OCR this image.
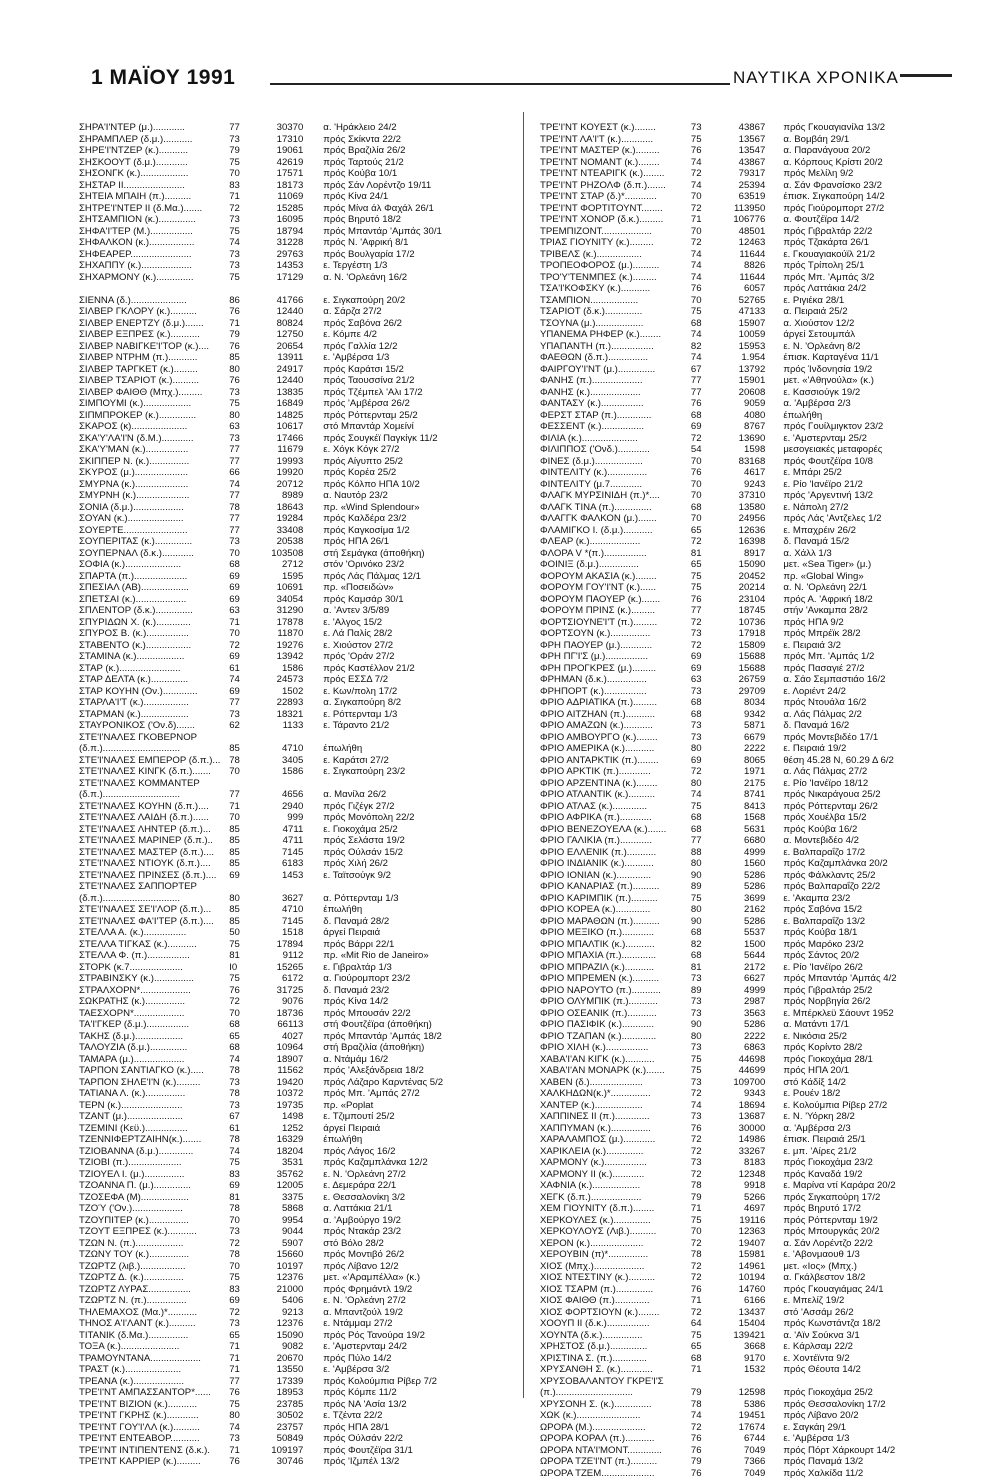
1 ΜΑΪΟΥ 1991	ΝΑΥΤΙΚΑ ΧΡΟΝΙΚΑ
ΣΗΡΑ'Ι'ΝΤΕΡ (μ.)............	77	30370	α. 'Ηράκλειο 24/2
ΣΗΡΑΜΠΛΕΡ (δ.μ.)...........	73	17310	πρός Σκίκντα 22/2
ΣΗΡΕ'Ι'ΝΤΖΕΡ (κ.)...........	79	19061	πρός Βραζιλία 26/2
ΣΗΣΚΟΟΥΤ (δ.μ.)............	75	42619	πρός Ταρτούς 21/2
ΣΗΣΟΝΓΚ (κ.)..................	70	17571	πρός Κούβα 10/1
ΣΗΣΤΑΡ ΙΙ.......................	83	18173	πρός Σάν Λορέντζο 19/11
ΣΗΤΕΙΑ ΜΠΑΙΗ (π.)..........	71	11069	πρός Κίνα 24/1
ΣΗΤΡΕ'Ι'ΝΤΕΡ ΙΙ (δ.Μα.).......	72	15285	πρός Μίνα άλ Φαχάλ 26/1
ΣΗΤΣΑΜΠΙΟΝ (κ.)..............	73	16095	πρός Βηρυτό 18/2
ΣΗΦΑ'Ι'ΤΕΡ (Μ.)................	75	18794	πρός Μπαντάρ 'Αμπάς 30/1
ΣΗΦΑΛΚΟΝ (κ.).................	74	31228	πρός Ν. 'Αφρική 8/1
ΣΗΦΕΑΡΕΡ.......................	73	29763	πρός Βουλγαρία 17/2
ΣΗΧΑΠΠΥ (κ.)...................	73	14353	ε. Τεργέστη 1/3
ΣΗΧΑΡΜΟΝΥ (κ.)..............	75	17129	α. Ν. 'Ορλεάνη 16/2
ΣΙΕΝΝΑ (δ.).....................	86	41766	ε. Σιγκαπούρη 20/2
ΣΙΛΒΕΡ ΓΚΛΟΡΥ (κ.)..........	76	12440	α. Σάρζα 27/2
ΣΙΛΒΕΡ ΕΝΕΡΤΖΥ (δ.μ.).......	71	80824	πρός Σαβόνα 26/2
ΣΙΛΒΕΡ ΕΞΠΡΕΣ (κ.)...........	79	12750	ε. Κόμπε 4/2
ΣΙΛΒΕΡ ΝΑΒΙΓΚΕ'Ι'ΤΟΡ (κ.)....	76	20654	πρός Γαλλία 12/2
ΣΙΛΒΕΡ ΝΤΡΗΜ (π.)...........	85	13911	ε. 'Αμβέρσα 1/3
ΣΙΛΒΕΡ ΤΑΡΓΚΕΤ (κ.).........	80	24917	πρός Καράτσι 15/2
ΣΙΛΒΕΡ ΤΣΑΡΙΟΤ (κ.)..........	76	12440	πρός Ταουσσίνα 21/2
ΣΙΛΒΕΡ ΦΑΙΘΘ (Μπχ.).........	73	13835	πρός Τζέμπελ 'Αλι 17/2
ΣΙΜΠΟΥΜΙ (κ.)..................	75	16849	πρός 'Αμβέρσα 26/2
ΣΙΠΜΠΡΟΚΕΡ (κ.)..............	80	14825	πρός Ρόττερνταμ 25/2
ΣΚΑΡΟΣ (κ).....................	63	10617	στό Μπαντάρ Χομείνί
ΣΚΑ'Υ'ΛΑ'Ι'Ν (δ.Μ.)............	73	17466	πρός Σουγκέϊ Παγκίγκ 11/2
ΣΚΑ'Υ'ΜΑΝ (κ.)................	77	11679	ε. Χόγκ Κόγκ 27/2
ΣΚΙΠΠΕΡ Ν. (κ.)...............	77	19993	πρός Αίγυπτο 25/2
ΣΚΥΡΟΣ (μ.)....................	66	19920	πρός Κορέα 25/2
ΣΜΥΡΝΑ (κ.)....................	74	20712	πρός Κόλπο ΗΠΑ 10/2
ΣΜΥΡΝΗ (κ.)....................	77	8989	α. Ναυτόρ 23/2
ΣΟΝΙΑ (δ.μ.)...................	78	18643	πρ. «Wind Splendour»
ΣΟΥΑΝ (κ.).....................	77	19284	πρός Καλδέρα 23/2
ΣΟΥΕΡΤΕ........................	77	33408	πρός Καγκοσίμα 1/2
ΣΟΥΠΕΡΙΤΑΣ (κ.)..............	73	20538	πρός ΗΠΑ 26/1
ΣΟΥΠΕΡΝΑΛ (δ.κ.)............	70	103508	στή Σεμάγκα (άποθήκη)
ΣΟΦΙΑ (κ.).....................	68	2712	στόν 'Ορινόκο 23/2
ΣΠΑΡΤΑ (π.)....................	69	1595	πρός Λάς Πάλμας 12/1
ΣΠΕΣΙΑΛ (ΑΒ)..................	69	10691	πρ. «Ποσειδών»
ΣΠΕΤΣΑΙ (κ.)...................	69	34054	πρός Καμσάρ 30/1
ΣΠΛΕΝΤΟΡ (δ.κ.)..............	63	31290	α. 'Αντεν 3/5/89
ΣΠΥΡΙΔΩΝ Χ. (κ.).............	71	17878	ε. 'Αλγος 15/2
ΣΠΥΡΟΣ Β. (κ.)................	70	11870	ε. Λά Παλίς 28/2
ΣΤΑΒΕΝΤΟ (κ.).................	72	19276	ε. Χιούστον 27/2
ΣΤΑΜΙΝΑ (κ.)..................	69	13942	πρός 'Οράν 27/2
ΣΤΑΡ (κ.).......................	61	1586	πρός Καστέλλον 21/2
ΣΤΑΡ ΔΕΛΤΑ (κ.)..............	74	24573	πρός ΕΣΣΔ 7/2
ΣΤΑΡ ΚΟΥΗΝ (Ον.).............	69	1502	ε. Κων/πολη 17/2
ΣΤΑΡΛΑ'Ι'Τ (κ.).................	77	22893	α. Σιγκαπούρη 8/2
ΣΤΑΡΜΑΝ (κ.)..................	73	18321	ε. Ρόττερνταμ 1/3
ΣΤΑΥΡΟΝΙΚΟΣ ('Ον.δ).......	62	1133	ε. Τάραντο 21/2
ΣΤΕ'Ι'ΝΑΛΕΣ ΓΚΟΒΕΡΝΟΡ
(δ.π.).............................	85	4710	έπωλήθη
ΣΤΕ'Ι'ΝΑΛΕΣ ΕΜΠΕΡΟΡ (δ.π.)... 78	3405	ε. Καράτσι 27/2
ΣΤΕ'Ι'ΝΑΛΕΣ ΚΙΝΓΚ (δ.π.).......	70	1586	ε. Σιγκαπούρη 23/2
ΣΤΕ'Ι'ΝΑΛΕΣ ΚΟΜΜΑΝΤΕΡ
(δ.π.).............................	77	4656	α. Μανίλα 26/2
ΣΤΕ'Ι'ΝΑΛΕΣ ΚΟΥΗΝ (δ.π.)....	71	2940	πρός Γιζέγκ 27/2
ΣΤΕ'Ι'ΝΑΛΕΣ ΛΑΙΔΗ (δ.π.)......	70	999	πρός Μονόπολη 22/2
ΣΤΕ'Ι'ΝΑΛΕΣ ΛΗΝΤΕΡ (δ.π.)...	85	4711	ε. Γιοκοχάμα 25/2
ΣΤΕ'Ι'ΝΑΛΕΣ ΜΑΡΙΝΕΡ (δ.π.)..	85	4711	πρός Σελάστα 19/2
ΣΤΕ'Ι'ΝΑΛΕΣ ΜΑΣΤΕΡ (δ.π.)....	85	7145	πρός Ούλσάν 15/2
ΣΤΕ'Ι'ΝΑΛΕΣ ΝΤΙΟΥΚ (δ.π.)....	85	6183	πρός Χιλή 26/2
ΣΤΕ'Ι'ΝΑΛΕΣ ΠΡΙΝΣΕΣ (δ.π.)....	69	1453	ε. Ταϊτσούγκ 9/2
ΣΤΕ'Ι'ΝΑΛΕΣ ΣΑΠΠΟΡΤΕΡ
(δ.π.).............................	80	3627	α. Ρόττερνταμ 1/3
ΣΤΕ'Ι'ΝΑΛΕΣ ΣΕ'Ι'ΛΟΡ (δ.π.)...	85	4710	έπωλήθη
ΣΤΕ'Ι'ΝΑΛΕΣ ΦΑ'Ι'ΤΕΡ (δ.π.)....	85	7145	δ. Παναμά 28/2
ΣΤΕΛΛΑ Α. (κ.)................	50	1518	άργεί Πειραιά
ΣΤΕΛΛΑ ΤΙΓΚΑΣ (κ.)...........	75	17894	πρός Βάρρι 22/1
ΣΤΕΛΛΑ Φ. (π.)................	81	9112	πρ. «Mit Rio de Janeiro»
ΣΤΟΡΚ (κ.7....................	I0	15265	ε. Γιβραλτάρ 1/3
ΣΤΡΑΒΙΝΣΚΥ (κ.)...............	75	6172	α. Γιούρομπορτ 23/2
ΣΤΡΑΛΧΟΡΝ*...................	76	31725	δ. Παναμά 23/2
ΣΩΚΡΑΤΗΣ (κ.)...............	72	9076	πρός Κίνα 14/2
ΤΑΕΣΧΟΡΝ*...................	70	18736	πρός Μπουσάν 22/2
ΤΑ'Ι'ΓΚΕΡ (δ.μ.)................	68	66113	στή Φουτζέϊρα (άποθήκη)
ΤΑΚΗΣ (δ.μ.)..................	65	4027	πρός Μπαντάρ 'Αμπάς 18/2
ΤΑΛΟΥΖΙΑ (δ.μ.)..............	68	10964	στή Βραζιλία (άποθήκη)
ΤΑΜΑΡΑ (μ.)...................	74	18907	α. Ντάμάμ 16/2
ΤΑΡΠΟΝ ΣΑΝΤΙΑΓΚΟ (κ.).....	78	11562	πρός 'Αλεξάνδρεια 18/2
ΤΑΡΠΟΝ ΣΗΛΕ'Ι'Ν (κ.).........	73	19420	πρός Λάζαρο Καρντένας 5/2
ΤΑΤΙΑΝΑ Λ. (κ.)...............	78	10372	πρός Μπ. 'Αμπάς 27/2
ΤΕΡΝ (κ.).......................	73	19735	πρ. «Poplat
ΤΖΑΝΤ (μ.).....................	67	1498	ε. Τζιμπουτί 25/2
ΤΖΕΜΙΝΙ (Κεϋ.)................	61	1252	άργεί Πειραιά
ΤΖΕΝΝΙΦΕΡΤΖΑΙΗΝ(κ.).......	78	16329	έπωλήθη
ΤΖΙΟΒΑΝΝΑ (δ.μ.).............	74	18204	πρός Λάγος 16/2
ΤΖΙΟΒΙ (π.)....................	75	3531	πρός Καζαμπλάνκα 12/2
ΤΖΙΟΥΕΛ Ι. (μ.)...............	83	35762	ε. Ν. 'Ορλεάνη 27/2
ΤΖΟΑΝΝΑ Π. (μ.)..............	69	12005	ε. Δεμεράρα 22/1
ΤΖΟΣΕΦΑ (Μ)..................	81	3375	ε. Θεσσαλονίκη 3/2
ΤΖΟΎ ('Ον.)...................	78	5868	α. Λαττάκια 21/1
ΤΖΟΥΠΙΤΕΡ (κ.)...............	70	9954	α. 'Αμβούργο 19/2
ΤΖΟΥΤ ΕΞΠΡΕΣ (κ.)...........	73	9044	πρός Ντακάρ 23/2
ΤΖΩΝ Ν. (π.)..................	72	5907	στό Βόλο 28/2
ΤΖΩΝΥ ΤΟΥ (κ.)...............	78	15660	πρός Μοντιβό 26/2
ΤΖΩΡΤΖ (λιβ.).................	70	10197	πρός Λίβανο 12/2
ΤΖΩΡΤΖ Δ. (κ.)...............	75	12376	μετ. «'Αραμπέλλα» (κ.)
ΤΖΩΡΤΖ ΛΥΡΑΣ................	83	21000	πρός Φρημάντλ 19/2
ΤΖΩΡΤΖ Ν. (π.)...............	69	5406	ε. Ν. 'Ορλεάνη 27/2
ΤΗΛΕΜΑΧΟΣ (Μα.)*...........	72	9213	α. Μπαντζούλ 19/2
ΤΗΝΟΣ Α'Ι'ΛΑΝΤ (κ.)..........	73	12376	ε. Ντάμμαμ 27/2
ΤΙΤΑΝΙΚ (δ.Μα.)...............	65	15090	πρός Ρός Τανούρα 19/2
ΤΟΞΑ (κ.)......................	71	9082	ε. 'Αμστερνταμ 24/2
ΤΡΑΜΟΥΝΤΑΝΑ...................	71	20670	πρός Πύλο 14/2
ΤΡΑΣΤ (κ.).....................	71	13550	ε. 'Αμβέρσα 3/2
ΤΡΕΑΝΑ (κ.)...................	77	17339	πρός Κολούμπια Ρίβερ 7/2
ΤΡΕ'Ι'ΝΤ ΑΜΠΑΣΣΑΝΤΟΡ*......	76	18953	πρός Κόμπε 11/2
ΤΡΕ'Ι'ΝΤ ΒΙΖΙΟΝ (κ.)...........	75	23785	πρός ΝΑ 'Ασία 13/2
ΤΡΕ'Ι'ΝΤ ΓΚΡΗΣ (κ.)............	80	30502	ε. Τζέντα 22/2
ΤΡΕ'Ι'ΝΤ ΓΟΥ'Ι'ΛΛ (κ.)..........	74	23757	πρός ΗΠΑ 28/1
ΤΡΕ'Ι'ΝΤ ΕΝΤΕΑΒΟΡ...........	73	50849	πρός Ούλσάν 22/2
ΤΡΕ'Ι'ΝΤ ΙΝΤΙΠΕΝΤΕΝΣ (δ.κ.).	71	109197	πρός Φουτζέϊρα 31/1
ΤΡΕ'Ι'ΝΤ ΚΑΡΡΙΕΡ (κ.).........	76	30746	πρός 'Ιζμπέλ 13/2
ΤΡΕ'Ι'ΝΤ ΚΟΥΕΣΤ (κ.)........	73	43867	πρός Γκουαγιανίλα 13/2
ΤΡΕ'Ι'ΝΤ ΛΑ'Ι'Τ (κ.)............	75	13567	α. Βομβάη 29/1
ΤΡΕ'Ι'ΝΤ ΜΑΣΤΕΡ (κ.).........	76	13547	α. Παρανάγουα 20/2
ΤΡΕ'Ι'ΝΤ ΝΟΜΑΝΤ (κ.)........	74	43867	α. Κόρπους Κρίστι 20/2
ΤΡΕ'Ι'ΝΤ ΝΤΕΑΡΙΓΚ (κ.)........	72	79317	πρός Μελίλη 9/2
ΤΡΕ'Ι'ΝΤ ΡΗΖΟΛΦ (δ.π.).......	74	25394	α. Σάν Φρανσίσκο 23/2
ΤΡΕ'Ι'ΝΤ ΣΤΑΡ (δ.)*............	70	63519	έπισκ. Σιγκαπούρη 14/2
ΤΡΕ'Ι'ΝΤ ΦΟΡΤΙΤΟΥΝΤ........	72	113950	πρός Γιούρομπορτ 27/2
ΤΡΕ'Ι'ΝΤ ΧΟΝΟΡ (δ.κ.).........	71	106776	α. Φουτζέϊρα 14/2
ΤΡΕΜΠΙΖΟΝΤ...................	70	48501	πρός Γιβραλτάρ 22/2
ΤΡΙΑΣ ΓΙΟΥΝΙΤΥ (κ.).........	72	12463	πρός Τζακάρτα 26/1
ΤΡΙΒΕΛΣ (κ.).................	74	11644	ε. Γκουαγιακούϊλ 21/2
ΤΡΟΠΕΟΦΟΡΟΣ (μ.)..........	74	8826	πρός Τρίπολη 25/1
ΤΡΟ'Υ'ΤΕΝΜΠΕΣ (κ.).........	74	11644	πρός Μπ. 'Αμπάς 3/2
ΤΣΑ'Ι'ΚΟΦΣΚΥ (κ.)...........	76	6057	πρός Λαττάκια 24/2
ΤΣΑΜΠΙΟΝ..................	70	52765	ε. Ριγιέκα 28/1
ΤΣΑΡΙΟΤ (δ.κ.)..............	75	47133	α. Πειραιά 25/2
ΤΣΟΥΝΑ (μ.)..................	68	15907	α. Χιούστον 12/2
ΥΠΑΝΕΜΑ ΡΗΦΕΡ (κ.)........	74	10059	άργεί Σετουμπάλ
ΥΠΑΠΑΝΤΗ (π.)................	82	15953	ε. Ν. 'Ορλεάνη 8/2
ΦΑΕΘΩΝ (δ.π.)...............	74	1.954	έπισκ. Καρταγένα 11/1
ΦΑΙΡΓΟΥ'Ι'ΝΤ (μ.)..............	67	13792	πρός Ίνδονησία 19/2
ΦΑΝΗΣ (π.)...................	77	15901	μετ. «'Αθηνούλα» (κ.)
ΦΑΝΗΣ (κ.)...................	77	20608	ε. Κασσιούγκ 19/2
ΦΑΝΤΑΣΥ (κ.)................	76	9059	α. 'Αμβέρσα 2/3
ΦΕΡΣΤ ΣΤΑΡ (π.).............	68	4080	έπωλήθη
ΦΕΣΣΕΝΤ (κ.)................	69	8767	πρός Γουίλμιγκτον 23/2
ΦΙΛΙΑ (κ.).....................	72	13690	ε. 'Αμστερνταμ 25/2
ΦΙΛΙΠΠΟΣ ('Ονδ.)............	54	1598	μεσογειακές μεταφορές
ΦΙΝΕΣ (δ.μ.)..................	70	83168	πρός Φουτζέϊρα 10/8
ΦΙΝΤΕΛΙΤΥ (κ.)...............	76	4617	ε. Μπάρι 25/2
ΦΙΝΤΕΛΙΤΥ (μ.7............	70	9243	ε. Ρίο 'Ιανέϊρο 21/2
ΦΛΑΓΚ ΜΥΡΣΙΝΙΔΗ (π.)*....	70	37310	πρός 'Αργεντινή 13/2
ΦΛΑΓΚ ΤΙΝΑ (π.)..............	68	13580	ε. Νάπολη 27/2
ΦΛΑΓΓΚ ΦΑΛΚΟΝ (μ.).......	70	24956	πρός Λάς 'Αντζελες 1/2
ΦΛΑΜΙΓΚΟ Ι. (δ.μ.)...........	65	12636	ε. Μπαχρέιν 26/2
ΦΛΕΑΡ (κ.)...................	72	16398	δ. Παναμά 15/2
ΦΛΟΡΑ V *(π.)................	81	8917	α. Χάλλ 1/3
ΦΟΙΝΙΞ (δ.μ.)...............	65	15090	μετ. «Sea Tiger» (μ.)
ΦΟΡΟΥΜ ΑΚΑΣΙΑ (κ.)........	75	20452	πρ. «Global Wing»
ΦΟΡΟΥΜ ΓΟΥ'Ι'ΝΤ (κ.)......	75	20214	α. Ν. 'Ορλεάνη 22/1
ΦΟΡΟΥΜ ΠΑΟΥΕΡ (κ.).......	76	23104	πρός Α. 'Αφρική 18/2
ΦΟΡΟΥΜ ΠΡΙΝΣ (κ.).........	77	18745	στήν 'Ανκαμπα 28/2
ΦΟΡΤΣΙΟΥΝΕ'Ι'Τ (π.).........	72	10736	πρός ΗΠΑ 9/2
ΦΟΡΤΣΟΥΝ (κ.)...............	73	17918	πρός Μπρέϊκ 28/2
ΦΡΗ ΠΑΟΥΕΡ (μ.)............	72	15809	ε. Πειραιά 3/2
ΦΡΗ ΠΓ'Ι'Σ (μ.)................	69	15688	πρός Μπ. 'Αμπάς 1/2
ΦΡΗ ΠΡΟΓΚΡΕΣ (μ.).........	69	15688	πρός Πασαγιέ 27/2
ΦΡΗΜΑΝ (δ.κ.)...............	63	26759	α. Σάο Σεμπαστιάο 16/2
ΦΡΗΠΟΡΤ (κ.)................	73	29709	ε. Λοριέντ 24/2
ΦΡΙΟ ΑΔΡΙΑΤΙΚΑ (π.).........	68	8034	πρός Ντουάλα 16/2
ΦΡΙΟ ΑΙΤΖΗΑΝ (π.)...........	68	9342	α. Λάς Πάλμας 2/2
ΦΡΙΟ ΑΜΑΖΩΝ (κ.)...........	73	5871	δ. Παναμά 16/2
ΦΡΙΟ ΑΜΒΟΥΡΓΟ (κ.)........	73	6679	πρός Μοντεβιδέο 17/1
ΦΡΙΟ ΑΜΕΡΙΚΑ (κ.)...........	80	2222	ε. Πειραιά 19/2
ΦΡΙΟ ΑΝΤΑΡΚΤΙΚ (π.)........	69	8065	θέση 45.28 Ν, 60.29 Δ 6/2
ΦΡΙΟ ΑΡΚΤΙΚ (π.)............	72	1971	α. Λάς Πάλμας 27/2
ΦΡΙΟ ΑΡΖΕΝΤΙΝΑ (κ.)........	80	2175	ε. Ρίο 'Ιανέϊρο 18/12
ΦΡΙΟ ΑΤΛΑΝΤΙΚ (κ.)..........	74	8741	πρός Νικαράγουα 25/2
ΦΡΙΟ ΑΤΛΑΣ (κ.).............	75	8413	πρός Ρόττερνταμ 26/2
ΦΡΙΟ ΑΦΡΙΚΑ (π.)............	68	1568	πρός Χουέλβα 15/2
ΦΡΙΟ ΒΕΝΕΖΟΥΕΛΑ (κ.).......	68	5631	πρός Κούβα 16/2
ΦΡΙΟ ΓΑΛΙΚΙΑ (π.)............	77	6680	α. Μοντεβιδέο 4/2
ΦΡΙΟ ΕΛΛΕΝΙΚ (π.)...........	88	4999	ε. Βαλπαραΐζο 17/2
ΦΡΙΟ ΙΝΔΙΑΝΙΚ (κ.)...........	80	1560	πρός Καζαμπλάνκα 20/2
ΦΡΙΟ ΙΟΝΙΑΝ (κ.).............	90	5286	πρός Φάλκλαντς 25/2
ΦΡΙΟ ΚΑΝΑΡΙΑΣ (π.)..........	89	5286	πρός Βαλπαραΐζο 22/2
ΦΡΙΟ ΚΑΡΙΜΠΙΚ (π.)..........	75	3699	ε. 'Ακαμπα 23/2
ΦΡΙΟ ΚΟΡΕΑ (κ.).............	80	2162	πρός Σαβόνα 15/2
ΦΡΙΟ ΜΑΡΑΘΩΝ (π.)..........	90	5286	ε. Βαλπαραΐζο 13/2
ΦΡΙΟ ΜΕΞΙΚΟ (π.)............	68	5537	πρός Κούβα 18/1
ΦΡΙΟ ΜΠΑΛΤΙΚ (κ.)...........	82	1500	πρός Μαρόκο 23/2
ΦΡΙΟ ΜΠΑΧΙΑ (π.).............	68	5644	πρός Σάντος 20/2
ΦΡΙΟ ΜΠΡΑΖΙΛ (κ.)...........	81	2172	ε. Ρίο 'Ιανέϊρο 26/2
ΦΡΙΟ ΜΠΡΕΜΕΝ (κ.)..........	73	6627	πρός Μπαντάρ 'Αμπάς 4/2
ΦΡΙΟ ΝΑΡΟΥΤΟ (π.)...........	89	4999	πρός Γιβραλτάρ 25/2
ΦΡΙΟ ΟΛΥΜΠΙΚ (π.)...........	73	2987	πρός Νορβηγία 26/2
ΦΡΙΟ ΟΣΕΑΝΙΚ (π.)...........	73	3563	ε. Μπέρκλεϋ Σάουντ 1952
ΦΡΙΟ ΠΑΣΙΦΙΚ (κ.)............	90	5286	α. Ματάντι 17/1
ΦΡΙΟ ΤΖΑΠΑΝ (κ.).............	80	2222	ε. Νικόσια 25/2
ΦΡΙΟ ΧΙΛΗ (κ.)................	73	6863	πρός Κορίντο 28/2
ΧΑΒΑ'Ι'ΑΝ ΚΙΓΚ (κ.)...........	75	44698	πρός Γιοκοχάμα 28/1
ΧΑΒΑ'Ι'ΑΝ ΜΟΝΑΡΚ (κ.).......	75	44699	πρός ΗΠΑ 20/1
ΧΑΒΕΝ (δ.)....................	73	109700	στό Κάδίξ 14/2
ΧΑΛΚΗΔΩΝ(κ.)*...............	72	9343	ε. Ρουέν 18/2
ΧΑΝΤΕΡ (κ.)..................	74	18694	ε. Κολούμπια Ρίβερ 27/2
ΧΑΠΠΙΝΕΣ ΙΙ (π.).............	73	13687	ε. Ν. 'Υόρκη 28/2
ΧΑΠΠΥΜΑΝ (κ.)...............	76	30000	α. 'Αμβέρσα 2/3
ΧΑΡΑΛΑΜΠΟΣ (μ.)............	72	14986	έπισκ. Πειραιά 25/1
ΧΑΡΙΚΛΕΙΑ (κ.)..............	72	33267	ε. μπ. 'Αίρες 21/2
ΧΑΡΜΟΝΥ (κ.)................	73	8183	πρός Γιοκοχάμα 23/2
ΧΑΡΜΟΝΥ ΙΙ (κ.)............	72	12348	πρός Καναδά 19/2
ΧΑΦΝΙΑ (κ.)..................	78	9918	ε. Μαρίνα ντί Καράρα 20/2
ΧΕΓΚ (δ.π.)...................	79	5266	πρός Σιγκαπούρη 17/2
ΧΕΜ ΓΙΟΥΝΙΤΥ (δ.π.)........	71	4697	πρός Βηρυτό 17/2
ΧΕΡΚΟΥΛΕΣ (κ.)..............	75	19116	πρός Ρόττερνταμ 19/2
ΧΕΡΚΟΥΛΟΥΣ (Λιβ.)..........	70	12363	πρός Μπουργκάς 20/2
ΧΕΡΟΝ (κ.)....................	72	19407	α. Σάν Λορέντζο 22/2
ΧΕΡΟΥΒΙΝ (π)*...............	78	15981	ε. 'Αβονμαουθ 1/3
ΧΙΟΣ (Μπχ.)...................	72	14961	μετ. «Ιος» (Μπχ.)
ΧΙΟΣ ΝΤΕΣΤΙΝΥ (κ.)..........	72	10194	α. Γκάλβεστον 18/2
ΧΙΟΣ ΤΣΑΡΜ (π.)..............	76	14760	πρός Γκουαγιάμας 24/1
ΧΙΟΣ ΦΑΙΘΘ (π.).............	71	6166	ε. Μπελίζ 19/2
ΧΙΟΣ ΦΟΡΤΣΙΟΥΝ (κ.)........	72	13437	στό 'Ασσάμ 26/2
ΧΟΟΥΠ ΙΙ (δ.κ.)................	64	15404	πρός Κωνστάντζα 18/2
ΧΟΥΝΤΑ (δ.κ.)...............	75	139421	α. 'Αϊν Σούκνα 3/1
ΧΡΗΣΤΟΣ (δ.μ.)..............	65	3668	ε. Κάρλσαμ 22/2
ΧΡΙΣΤΙΝΑ Σ. (π.).............	68	9170	ε. Χοντέϊντα 9/2
ΧΡΥΣΑΝΘΗ Σ. (κ.)............	71	1532	πρός Θέουτα 14/2
ΧΡΥΣΟΒΑΛΑΝΤΟΥ ΓΚΡΕ'Ι'Σ
(π.).............................	79	12598	πρός Γιοκοχάμα 25/2
ΧΡΥΣΟΝΗ Σ. (κ.)..............	78	5386	πρός Θεσσαλονίκη 17/2
ΧΩΚ (κ.)........................	74	19451	πρός Λίβανο 20/2
ΩΡΟΡΑ (Μ.)....................	72	17674	ε. Σαγκάη 29/1
ΩΡΟΡΑ ΚΟΡΑΛ (π.)...........	76	6744	ε. 'Αμβέρσα 1/3
ΩΡΟΡΑ ΝΤΑ'Ι'ΜΟΝΤ.............	76	7049	πρός Πόρτ Χάρκουρτ 14/2
ΩΡΟΡΑ ΤΖΕ'Ι'ΝΤ (π.)..........	79	7366	πρός Παναμά 13/2
ΩΡΟΡΑ ΤΖΕΜ....................	76	7049	πρός Χαλκίδα 11/2
